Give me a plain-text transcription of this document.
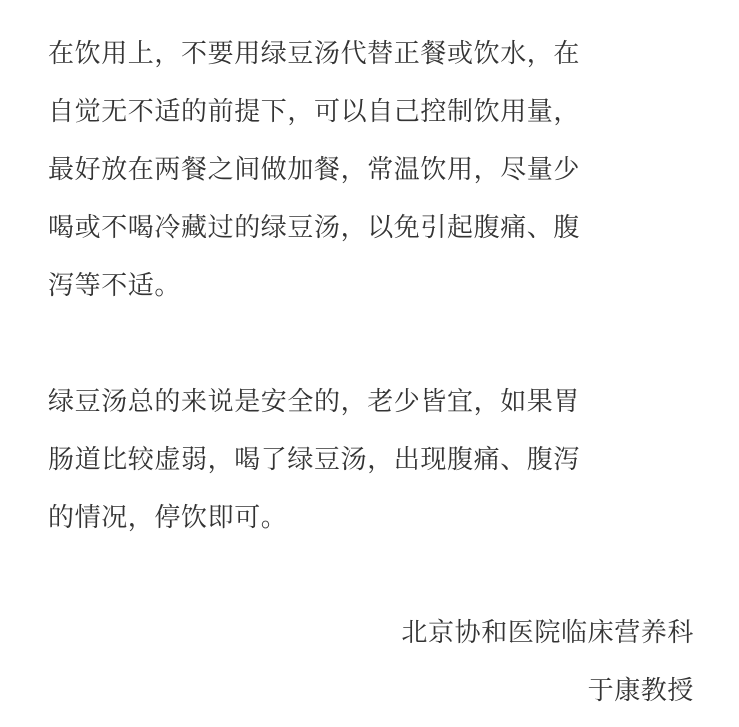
在饮用上，不要用绿豆汤代替正餐或饮水，在
自觉无不适的前提下，可以自己控制饮用量，
最好放在两餐之间做加餐，常温饮用，尽量少
喝或不喝冷藏过的绿豆汤，以免引起腹痛、腹
泻等不适。

绿豆汤总的来说是安全的，老少皆宜，如果胃
肠道比较虚弱，喝了绿豆汤，出现腹痛、腹泻
的情况，停饮即可。

北京协和医院临床营养科
于康教授
